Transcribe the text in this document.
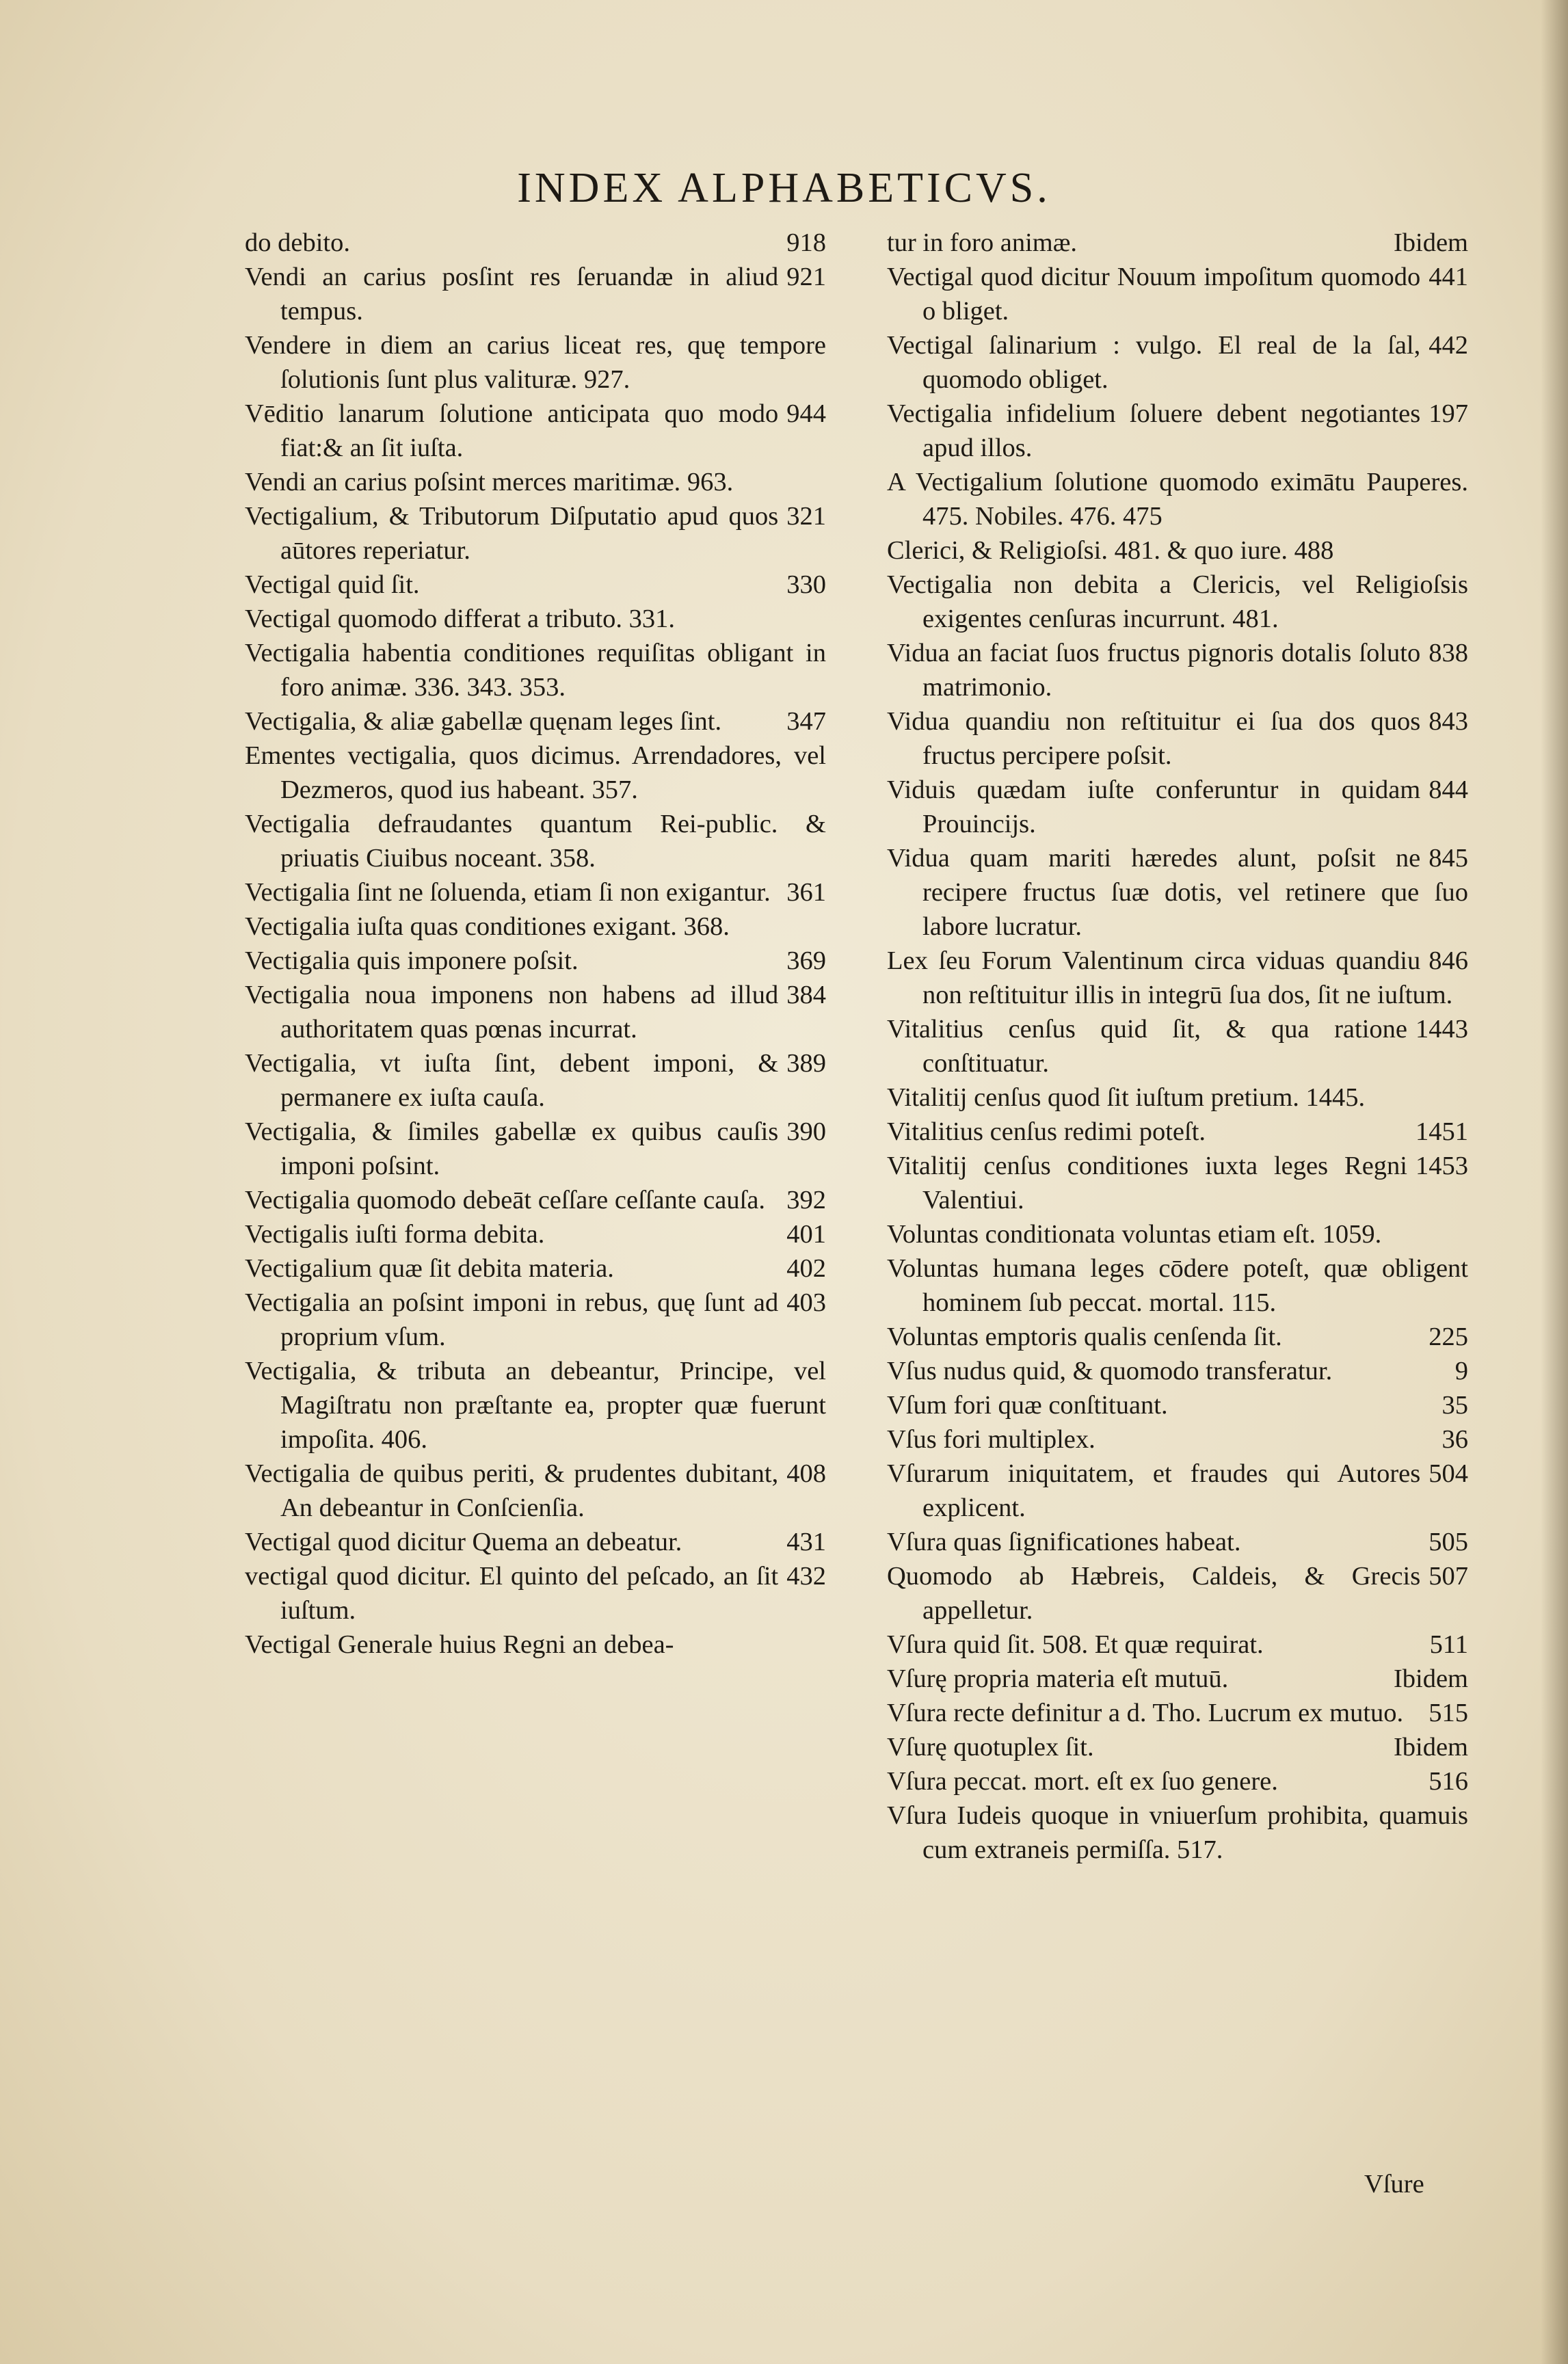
INDEX ALPHABETICVS.
918
do debito.
921
Vendi an carius posſint res ſeruandæ in aliud tempus.
Vendere in diem an carius liceat res, quę tempore ſolutionis ſunt plus valituræ. 927.
944
Vēditio lanarum ſolutione anticipata quo modo fiat:& an ſit iuſta.
Vendi an carius poſsint merces maritimæ. 963.
321
Vectigalium, & Tributorum Diſputatio apud quos aūtores reperiatur.
330
Vectigal quid ſit.
Vectigal quomodo differat a tributo. 331.
Vectigalia habentia conditiones requiſitas obligant in foro animæ. 336. 343. 353.
347
Vectigalia, & aliæ gabellæ quęnam leges ſint.
Ementes vectigalia, quos dicimus. Arrendadores, vel Dezmeros, quod ius habeant. 357.
Vectigalia defraudantes quantum Rei-public. & priuatis Ciuibus noceant. 358.
361
Vectigalia ſint ne ſoluenda, etiam ſi non exigantur.
Vectigalia iuſta quas conditiones exigant. 368.
369
Vectigalia quis imponere poſsit.
384
Vectigalia noua imponens non habens ad illud authoritatem quas pœnas incurrat.
389
Vectigalia, vt iuſta ſint, debent imponi, & permanere ex iuſta cauſa.
390
Vectigalia, & ſimiles gabellæ ex quibus cauſis imponi poſsint.
392
Vectigalia quomodo debeāt ceſſare ceſſante cauſa.
401
Vectigalis iuſti forma debita.
402
Vectigalium quæ ſit debita materia.
403
Vectigalia an poſsint imponi in rebus, quę ſunt ad proprium vſum.
Vectigalia, & tributa an debeantur, Principe, vel Magiſtratu non præſtante ea, propter quæ fuerunt impoſita. 406.
408
Vectigalia de quibus periti, & prudentes dubitant, An debeantur in Conſcienſia.
431
Vectigal quod dicitur Quema an debeatur.
432
vectigal quod dicitur. El quinto del peſcado, an ſit iuſtum.
Vectigal Generale huius Regni an debea-
Ibidem
tur in foro animæ.
441
Vectigal quod dicitur Nouum impoſitum quomodo o bliget.
442
Vectigal ſalinarium : vulgo. El real de la ſal, quomodo obliget.
197
Vectigalia infidelium ſoluere debent negotiantes apud illos.
A Vectigalium ſolutione quomodo eximātu Pauperes. 475. Nobiles. 476. 475
Clerici, & Religioſsi. 481. & quo iure. 488
Vectigalia non debita a Clericis, vel Religioſsis exigentes cenſuras incurrunt. 481.
838
Vidua an faciat ſuos fructus pignoris dotalis ſoluto matrimonio.
843
Vidua quandiu non reſtituitur ei ſua dos quos fructus percipere poſsit.
844
Viduis quædam iuſte conferuntur in quidam Prouincijs.
845
Vidua quam mariti hæredes alunt, poſsit ne recipere fructus ſuæ dotis, vel retinere que ſuo labore lucratur.
846
Lex ſeu Forum Valentinum circa viduas quandiu non reſtituitur illis in integrū ſua dos, ſit ne iuſtum.
1443
Vitalitius cenſus quid ſit, & qua ratione conſtituatur.
Vitalitij cenſus quod ſit iuſtum pretium. 1445.
1451
Vitalitius cenſus redimi poteſt.
1453
Vitalitij cenſus conditiones iuxta leges Regni Valentiui.
Voluntas conditionata voluntas etiam eſt. 1059.
Voluntas humana leges cōdere poteſt, quæ obligent hominem ſub peccat. mortal. 115.
225
Voluntas emptoris qualis cenſenda ſit.
9
Vſus nudus quid, & quomodo transferatur.
35
Vſum fori quæ conſtituant.
36
Vſus fori multiplex.
504
Vſurarum iniquitatem, et fraudes qui Autores explicent.
505
Vſura quas ſignificationes habeat.
507
Quomodo ab Hæbreis, Caldeis, & Grecis appelletur.
511
Vſura quid ſit. 508. Et quæ requirat.
Ibidem
Vſurę propria materia eſt mutuū.
515
Vſura recte definitur a d. Tho. Lucrum ex mutuo.
Ibidem
Vſurę quotuplex ſit.
516
Vſura peccat. mort. eſt ex ſuo genere.
Vſura Iudeis quoque in vniuerſum prohibita, quamuis cum extraneis permiſſa. 517.
Vſure
